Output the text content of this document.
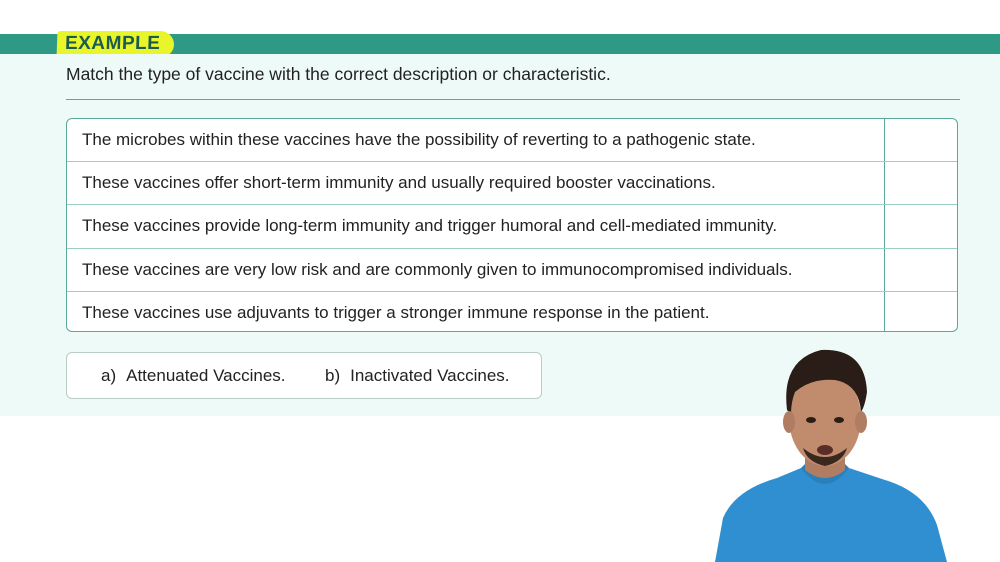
EXAMPLE
Match the type of vaccine with the correct description or characteristic.
The microbes within these vaccines have the possibility of reverting to a pathogenic state.
These vaccines offer short-term immunity and usually required booster vaccinations.
These vaccines provide long-term immunity and trigger humoral and cell-mediated immunity.
These vaccines are very low risk and are commonly given to immunocompromised individuals.
These vaccines use adjuvants to trigger a stronger immune response in the patient.
a) Attenuated Vaccines. b) Inactivated Vaccines.
